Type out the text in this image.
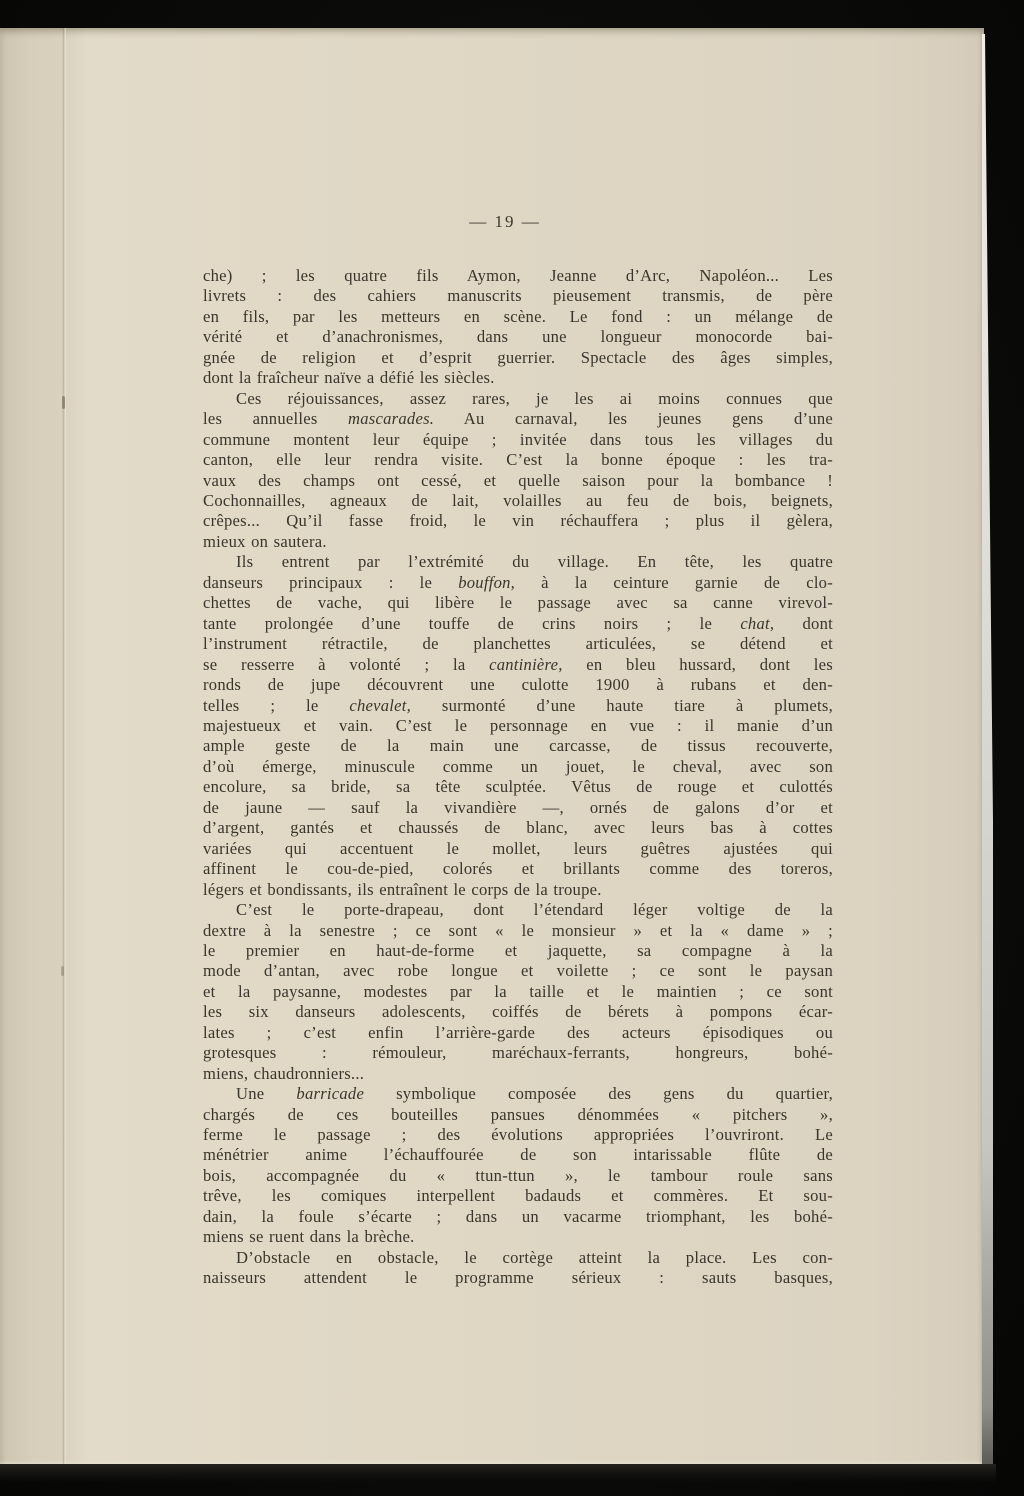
— 19 —
che) ; les quatre fils Aymon, Jeanne d’Arc, Napoléon... Les
livrets : des cahiers manuscrits pieusement transmis, de père
en fils, par les metteurs en scène. Le fond : un mélange de
vérité et d’anachronismes, dans une longueur monocorde bai-
gnée de religion et d’esprit guerrier. Spectacle des âges simples,
dont la fraîcheur naïve a défié les siècles.
Ces réjouissances, assez rares, je les ai moins connues que
les annuelles mascarades. Au carnaval, les jeunes gens d’une
commune montent leur équipe ; invitée dans tous les villages du
canton, elle leur rendra visite. C’est la bonne époque : les tra-
vaux des champs ont cessé, et quelle saison pour la bombance !
Cochonnailles, agneaux de lait, volailles au feu de bois, beignets,
crêpes... Qu’il fasse froid, le vin réchauffera ; plus il gèlera,
mieux on sautera.
Ils entrent par l’extrémité du village. En tête, les quatre
danseurs principaux : le bouffon, à la ceinture garnie de clo-
chettes de vache, qui libère le passage avec sa canne virevol-
tante prolongée d’une touffe de crins noirs ; le chat, dont
l’instrument rétractile, de planchettes articulées, se détend et
se resserre à volonté ; la cantinière, en bleu hussard, dont les
ronds de jupe découvrent une culotte 1900 à rubans et den-
telles ; le chevalet, surmonté d’une haute tiare à plumets,
majestueux et vain. C’est le personnage en vue : il manie d’un
ample geste de la main une carcasse, de tissus recouverte,
d’où émerge, minuscule comme un jouet, le cheval, avec son
encolure, sa bride, sa tête sculptée. Vêtus de rouge et culottés
de jaune — sauf la vivandière —, ornés de galons d’or et
d’argent, gantés et chaussés de blanc, avec leurs bas à cottes
variées qui accentuent le mollet, leurs guêtres ajustées qui
affinent le cou-de-pied, colorés et brillants comme des toreros,
légers et bondissants, ils entraînent le corps de la troupe.
C’est le porte-drapeau, dont l’étendard léger voltige de la
dextre à la senestre ; ce sont « le monsieur » et la « dame » ;
le premier en haut-de-forme et jaquette, sa compagne à la
mode d’antan, avec robe longue et voilette ; ce sont le paysan
et la paysanne, modestes par la taille et le maintien ; ce sont
les six danseurs adolescents, coiffés de bérets à pompons écar-
lates ; c’est enfin l’arrière-garde des acteurs épisodiques ou
grotesques : rémouleur, maréchaux-ferrants, hongreurs, bohé-
miens, chaudronniers...
Une barricade symbolique composée des gens du quartier,
chargés de ces bouteilles pansues dénommées « pitchers »,
ferme le passage ; des évolutions appropriées l’ouvriront. Le
ménétrier anime l’échauffourée de son intarissable flûte de
bois, accompagnée du « ttun-ttun », le tambour roule sans
trêve, les comiques interpellent badauds et commères. Et sou-
dain, la foule s’écarte ; dans un vacarme triomphant, les bohé-
miens se ruent dans la brèche.
D’obstacle en obstacle, le cortège atteint la place. Les con-
naisseurs attendent le programme sérieux : sauts basques,
